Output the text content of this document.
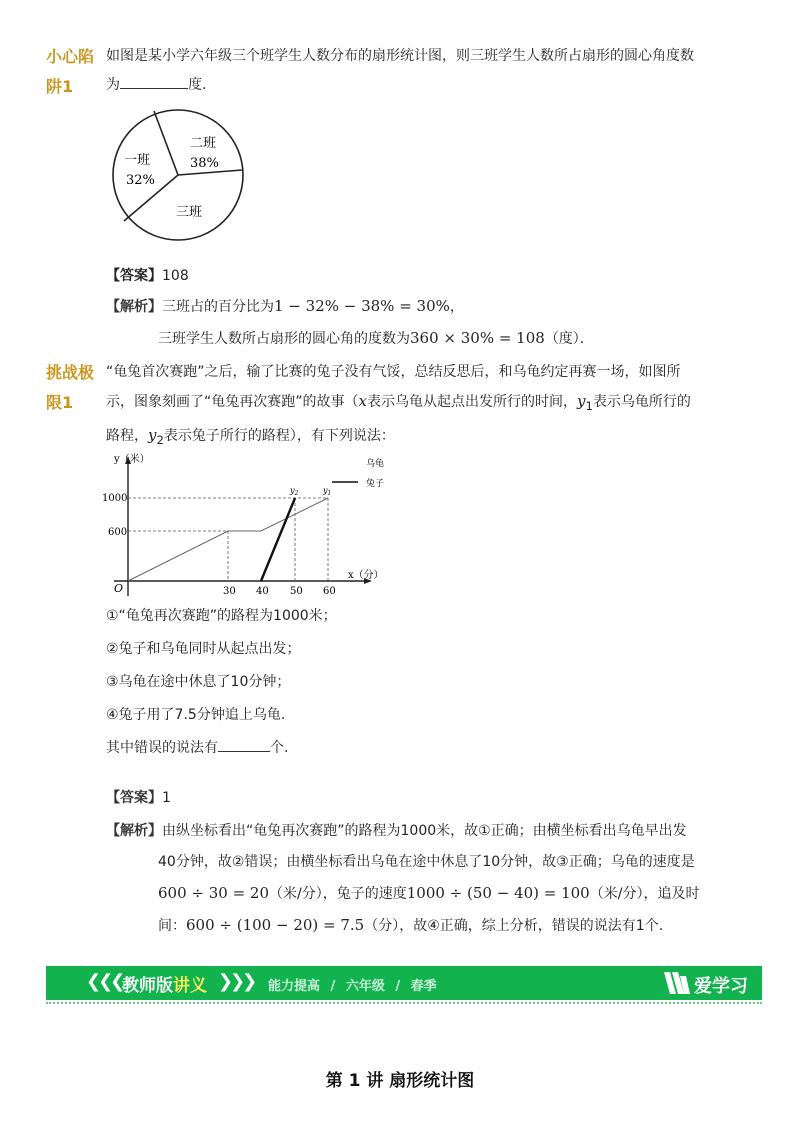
小心陷
阱1
如图是某小学六年级三个班学生人数分布的扇形统计图，则三班学生人数所占扇形的圆心角度数
为	度.
一班
32%
二班
38%
三班
【答案】108
【解析】三班占的百分比为1 − 32% − 38% = 30%，
三班学生人数所占扇形的圆心角的度数为360 × 30% = 108（度）．
挑战极
限1
“龟兔首次赛跑”之后，输了比赛的兔子没有气馁，总结反思后，和乌龟约定再赛一场，如图所
示，图象刻画了“龟兔再次赛跑”的故事（x表示乌龟从起点出发所行的时间，$y_1$表示乌龟所行的
路程，$y_2$表示兔子所行的路程），有下列说法：
y（米）
x（分）
O
1000
600
30 40 50 60
乌龟
兔子
$y_2$	$y_1$
①“龟兔再次赛跑”的路程为1000米；
②兔子和乌龟同时从起点出发；
③乌龟在途中休息了10分钟；
④兔子用了7.5分钟追上乌龟.
其中错误的说法有	个.
【答案】1
【解析】由纵坐标看出“龟兔再次赛跑”的路程为1000米，故①正确；由横坐标看出乌龟早出发
40分钟，故②错误；由横坐标看出乌龟在途中休息了10分钟，故③正确；乌龟的速度是
600 ÷ 30 = 20（米/分），兔子的速度1000 ÷ (50 − 40) = 100（米/分），追及时
间：600 ÷ (100 − 20) = 7.5（分），故④正确，综上分析，错误的说法有1个.
❮❮❮ 教师版讲义 ❯❯❯ 能力提高 / 六年级 / 春季	爱学习
第 1 讲 扇形统计图
